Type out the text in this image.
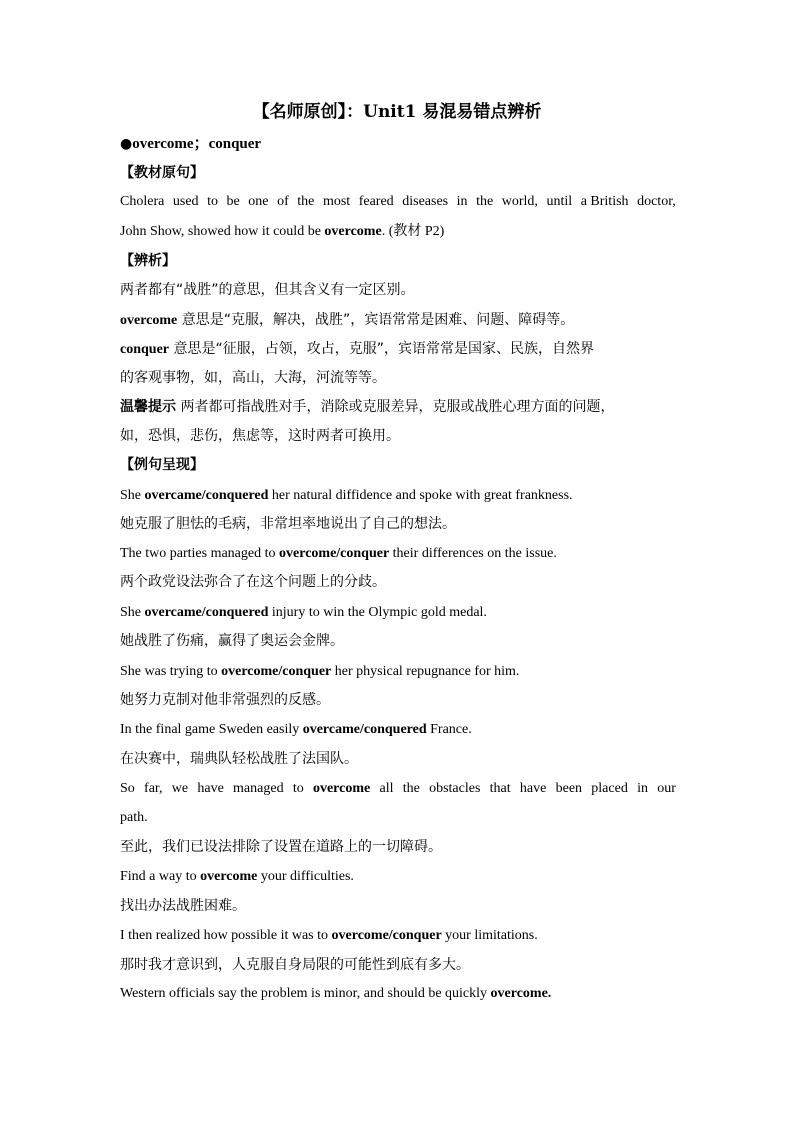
【名师原创】：Unit1 易混易错点辨析
●overcome；conquer
【教材原句】
Cholera used to be one of the most feared diseases in the world, until a British doctor,
John Show, showed how it could be overcome. (教材 P2)
【辨析】
两者都有“战胜”的意思，但其含义有一定区别。
overcome 意思是“克服，解决，战胜”，宾语常常是困难、问题、障碍等。
conquer 意思是“征服，占领，攻占，克服”，宾语常常是国家、民族，自然界
的客观事物，如，高山，大海，河流等等。
温馨提示 两者都可指战胜对手，消除或克服差异，克服或战胜心理方面的问题，
如，恐惧，悲伤，焦虑等，这时两者可换用。
【例句呈现】
She overcame/conquered her natural diffidence and spoke with great frankness.
她克服了胆怯的毛病，非常坦率地说出了自己的想法。
The two parties managed to overcome/conquer their differences on the issue.
两个政党设法弥合了在这个问题上的分歧。
She overcame/conquered injury to win the Olympic gold medal.
她战胜了伤痛，赢得了奥运会金牌。
She was trying to overcome/conquer her physical repugnance for him.
她努力克制对他非常强烈的反感。
In the final game Sweden easily overcame/conquered France.
在决赛中，瑞典队轻松战胜了法国队。
So far, we have managed to overcome all the obstacles that have been placed in our
path.
至此，我们已设法排除了设置在道路上的一切障碍。
Find a way to overcome your difficulties.
找出办法战胜困难。
I then realized how possible it was to overcome/conquer your limitations.
那时我才意识到，人克服自身局限的可能性到底有多大。
Western officials say the problem is minor, and should be quickly overcome.
